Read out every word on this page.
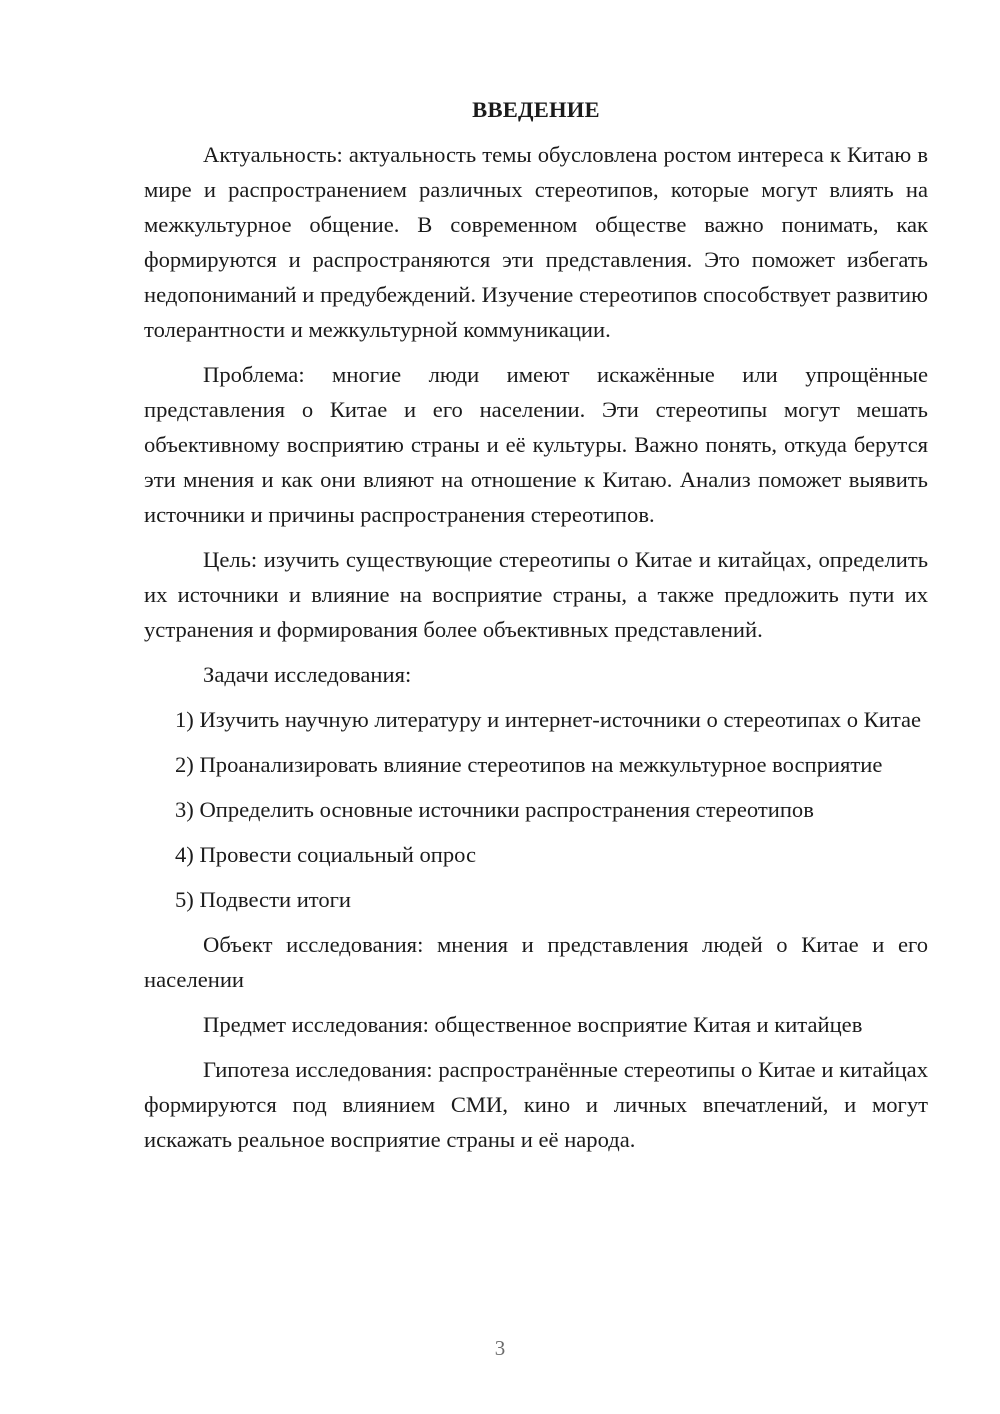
ВВЕДЕНИЕ

Актуальность: актуальность темы обусловлена ростом интереса к Китаю в мире и распространением различных стереотипов, которые могут влиять на межкультурное общение. В современном обществе важно понимать, как формируются и распространяются эти представления. Это поможет избегать недопониманий и предубеждений. Изучение стереотипов способствует развитию толерантности и межкультурной коммуникации.

Проблема: многие люди имеют искажённые или упрощённые представления о Китае и его населении. Эти стереотипы могут мешать объективному восприятию страны и её культуры. Важно понять, откуда берутся эти мнения и как они влияют на отношение к Китаю. Анализ поможет выявить источники и причины распространения стереотипов.

Цель: изучить существующие стереотипы о Китае и китайцах, определить их источники и влияние на восприятие страны, а также предложить пути их устранения и формирования более объективных представлений.

Задачи исследования:

1) Изучить научную литературу и интернет-источники о стереотипах о Китае

2) Проанализировать влияние стереотипов на межкультурное восприятие

3) Определить основные источники распространения стереотипов

4) Провести социальный опрос

5) Подвести итоги

Объект исследования: мнения и представления людей о Китае и его населении

Предмет исследования: общественное восприятие Китая и китайцев

Гипотеза исследования: распространённые стереотипы о Китае и китайцах формируются под влиянием СМИ, кино и личных впечатлений, и могут искажать реальное восприятие страны и её народа.

3
